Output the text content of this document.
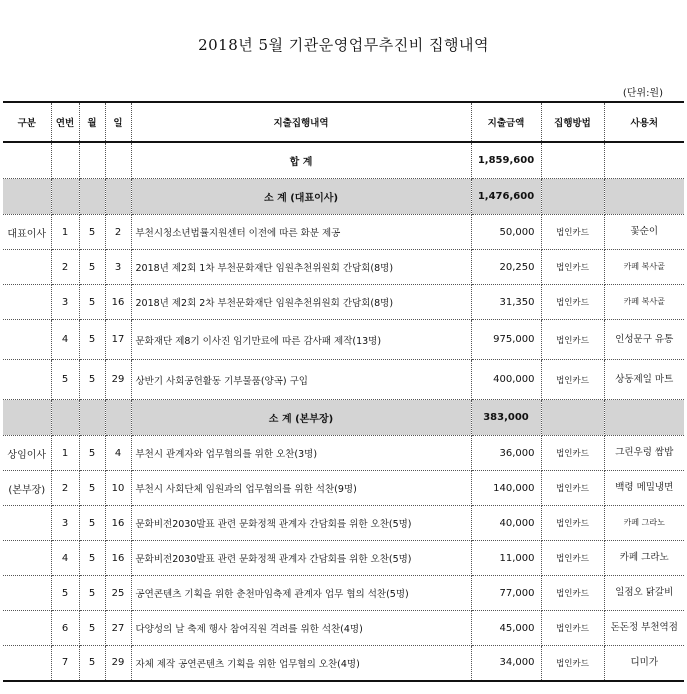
2018년 5월 기관운영업무추진비 집행내역
(단위:원)
구분	연번	월	일	지출집행내역	지출금액	집행방법	사용처
				합 계	1,859,600		
				소 계 (대표이사)	1,476,600		
대표이사	1	5	2	부천시청소년법률지원센터 이전에 따른 화분 제공	50,000	법인카드	꽃순이
	2	5	3	2018년 제2회 1차 부천문화재단 임원추천위원회 간담회(8명)	20,250	법인카드	카페 복사골
	3	5	16	2018년 제2회 2차 부천문화재단 임원추천위원회 간담회(8명)	31,350	법인카드	카페 복사골
	4	5	17	문화재단 제8기 이사진 임기만료에 따른 감사패 제작(13명)	975,000	법인카드	인성문구 유통
	5	5	29	상반기 사회공헌활동 기부물품(양곡) 구입	400,000	법인카드	상동제일 마트
				소 계 (본부장)	383,000		
상임이사	1	5	4	부천시 관계자와 업무협의를 위한 오찬(3명)	36,000	법인카드	그린우렁 쌈밥
(본부장)	2	5	10	부천시 사회단체 임원과의 업무협의를 위한 석찬(9명)	140,000	법인카드	백령 메밀냉면
	3	5	16	문화비전2030발표 관련 문화정책 관계자 간담회를 위한 오찬(5명)	40,000	법인카드	카페 그라노
	4	5	16	문화비전2030발표 관련 문화정책 관계자 간담회를 위한 오찬(5명)	11,000	법인카드	카페 그라노
	5	5	25	공연콘텐츠 기획을 위한 춘천마임축제 관계자 업무 협의 석찬(5명)	77,000	법인카드	일점오 닭갈비
	6	5	27	다양성의 날 축제 행사 참여직원 격려를 위한 석찬(4명)	45,000	법인카드	돈돈정 부천역점
	7	5	29	자체 제작 공연콘텐츠 기획을 위한 업무협의 오찬(4명)	34,000	법인카드	디미가
